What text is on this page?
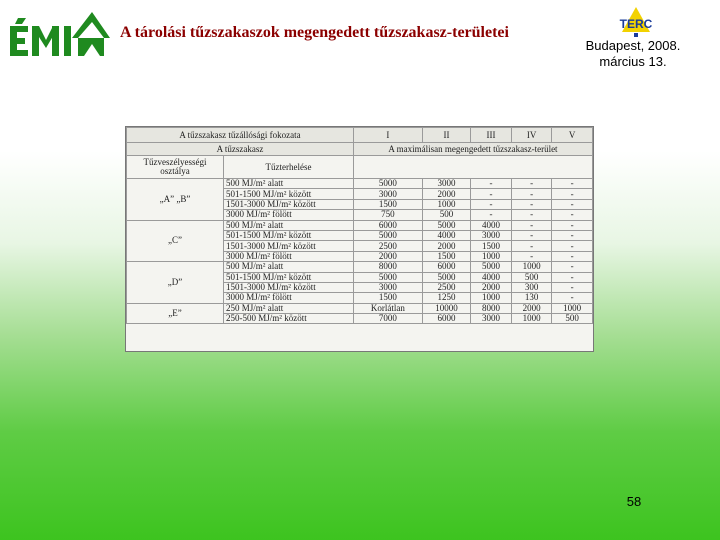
A tárolási tűzszakaszok megengedett tűzszakasz-területei	TERC
Budapest, 2008.
március 13.
A tűzszakasz tűzállósági fokozata		I	II	III	IV	V
A tűzszakasz		A maximálisan megengedett tűzszakasz-terület				
Tűzveszélyességi osztálya	Tűzterhelése					
„A” „B”	500 MJ/m² alatt	5000	3000	-	-	-
	501-1500 MJ/m² között	3000	2000	-	-	-
	1501-3000 MJ/m² között	1500	1000	-	-	-
	3000 MJ/m² fölött	750	500	-	-	-
„C”	500 MJ/m² alatt	6000	5000	4000	-	-
	501-1500 MJ/m² között	5000	4000	3000	-	-
	1501-3000 MJ/m² között	2500	2000	1500	-	-
	3000 MJ/m² fölött	2000	1500	1000	-	-
„D”	500 MJ/m² alatt	8000	6000	5000	1000	-
	501-1500 MJ/m² között	5000	5000	4000	500	-
	1501-3000 MJ/m² között	3000	2500	2000	300	-
	3000 MJ/m² fölött	1500	1250	1000	130	-
„E”	250 MJ/m² alatt	Korlátlan	10000	8000	2000	1000
	250-500 MJ/m² között	7000	6000	3000	1000	500
58
